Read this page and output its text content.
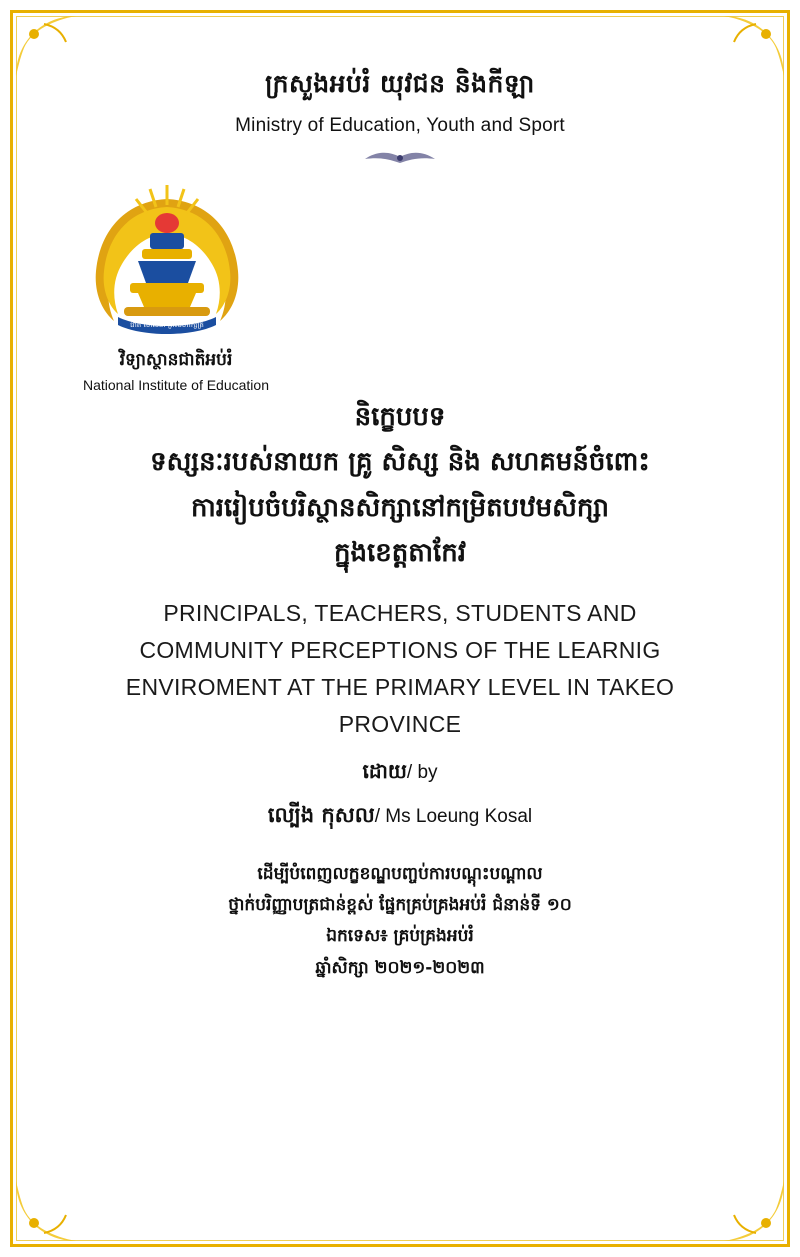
ក្រសួងអប់រំ យុវជន និងកីឡា
Ministry of Education, Youth and Sport
ជាតិ សាសនា ព្រះមហាក្សត្រ
វិទ្យាស្ថានជាតិអប់រំ
National Institute of Education
និក្ខេបបទ
ទស្សនៈរបស់នាយក គ្រូ សិស្ស និង សហគមន៍ចំពោះ
ការរៀបចំបរិស្ថានសិក្សានៅកម្រិតបឋមសិក្សា
ក្នុងខេត្តតាកែវ
PRINCIPALS, TEACHERS, STUDENTS AND
COMMUNITY PERCEPTIONS OF THE LEARNIG
ENVIROMENT AT THE PRIMARY LEVEL IN TAKEO
PROVINCE
ដោយ/ by
ល្បើង កុសល/ Ms Loeung Kosal
ដើម្បីបំពេញលក្ខខណ្ឌបញ្ចប់ការបណ្តុះបណ្តាល
ថ្នាក់បរិញ្ញាបត្រជាន់ខ្ពស់ ផ្នែកគ្រប់គ្រងអប់រំ ជំនាន់ទី ១០
ឯកទេស៖ គ្រប់គ្រងអប់រំ
ឆ្នាំសិក្សា ២០២១-២០២៣
